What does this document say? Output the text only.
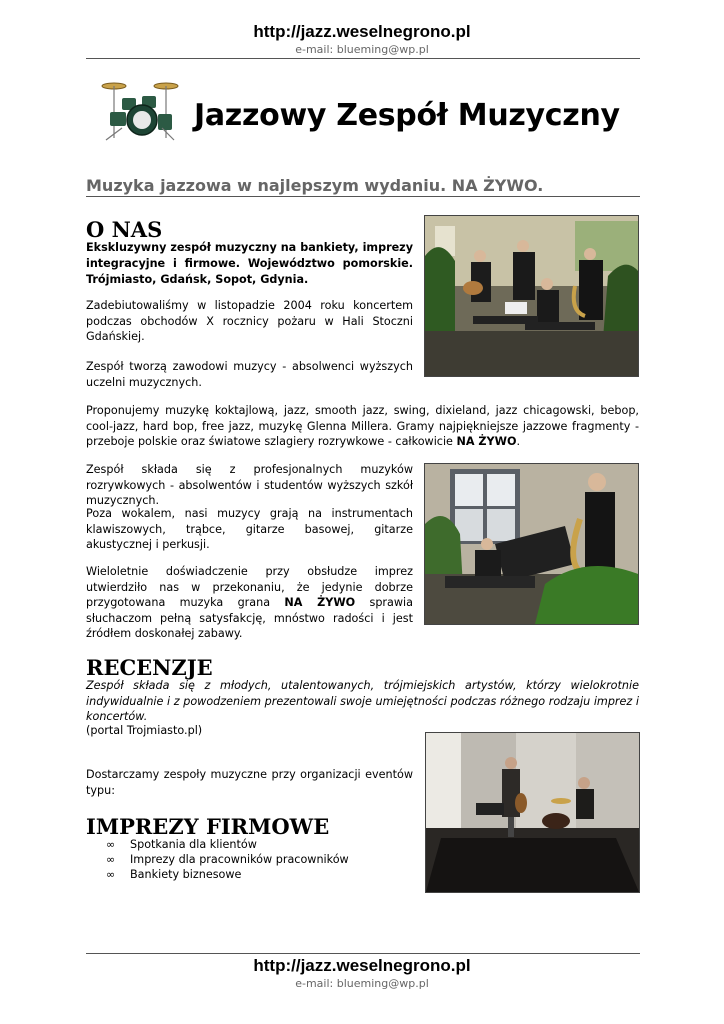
http://jazz.weselnegrono.pl
e-mail: blueming@wp.pl
Jazzowy Zespół Muzyczny
Muzyka jazzowa w najlepszym wydaniu. NA ŻYWO.
O NAS
Ekskluzywny zespół muzyczny na bankiety, imprezy integracyjne i firmowe. Województwo pomorskie. Trójmiasto, Gdańsk, Sopot, Gdynia.
Zadebiutowaliśmy w listopadzie 2004 roku koncertem podczas obchodów X rocznicy pożaru w Hali Stoczni Gdańskiej.
Zespół tworzą zawodowi muzycy - absolwenci wyższych uczelni muzycznych.
Proponujemy muzykę koktajlową, jazz, smooth jazz, swing, dixieland, jazz chicagowski, bebop, cool-jazz, hard bop, free jazz, muzykę Glenna Millera. Gramy najpiękniejsze jazzowe fragmenty - przeboje polskie oraz światowe szlagiery rozrywkowe - całkowicie NA ŻYWO.
Zespół składa się z profesjonalnych muzyków rozrywkowych - absolwentów i studentów wyższych szkół muzycznych.
Poza wokalem, nasi muzycy grają na instrumentach klawiszowych, trąbce, gitarze basowej, gitarze akustycznej i perkusji.
Wieloletnie doświadczenie przy obsłudze imprez utwierdziło nas w przekonaniu, że jedynie dobrze przygotowana muzyka grana NA ŻYWO sprawia słuchaczom pełną satysfakcję, mnóstwo radości i jest źródłem doskonałej zabawy.
RECENZJE
Zespół składa się z młodych, utalentowanych, trójmiejskich artystów, którzy wielokrotnie indywidualnie i z powodzeniem prezentowali swoje umiejętności podczas różnego rodzaju imprez i koncertów.
(portal Trojmiasto.pl)
Dostarczamy zespoły muzyczne przy organizacji eventów typu:
IMPREZY FIRMOWE
∞ Spotkania dla klientów
∞ Imprezy dla pracowników pracowników
∞ Bankiety biznesowe
http://jazz.weselnegrono.pl
e-mail: blueming@wp.pl
